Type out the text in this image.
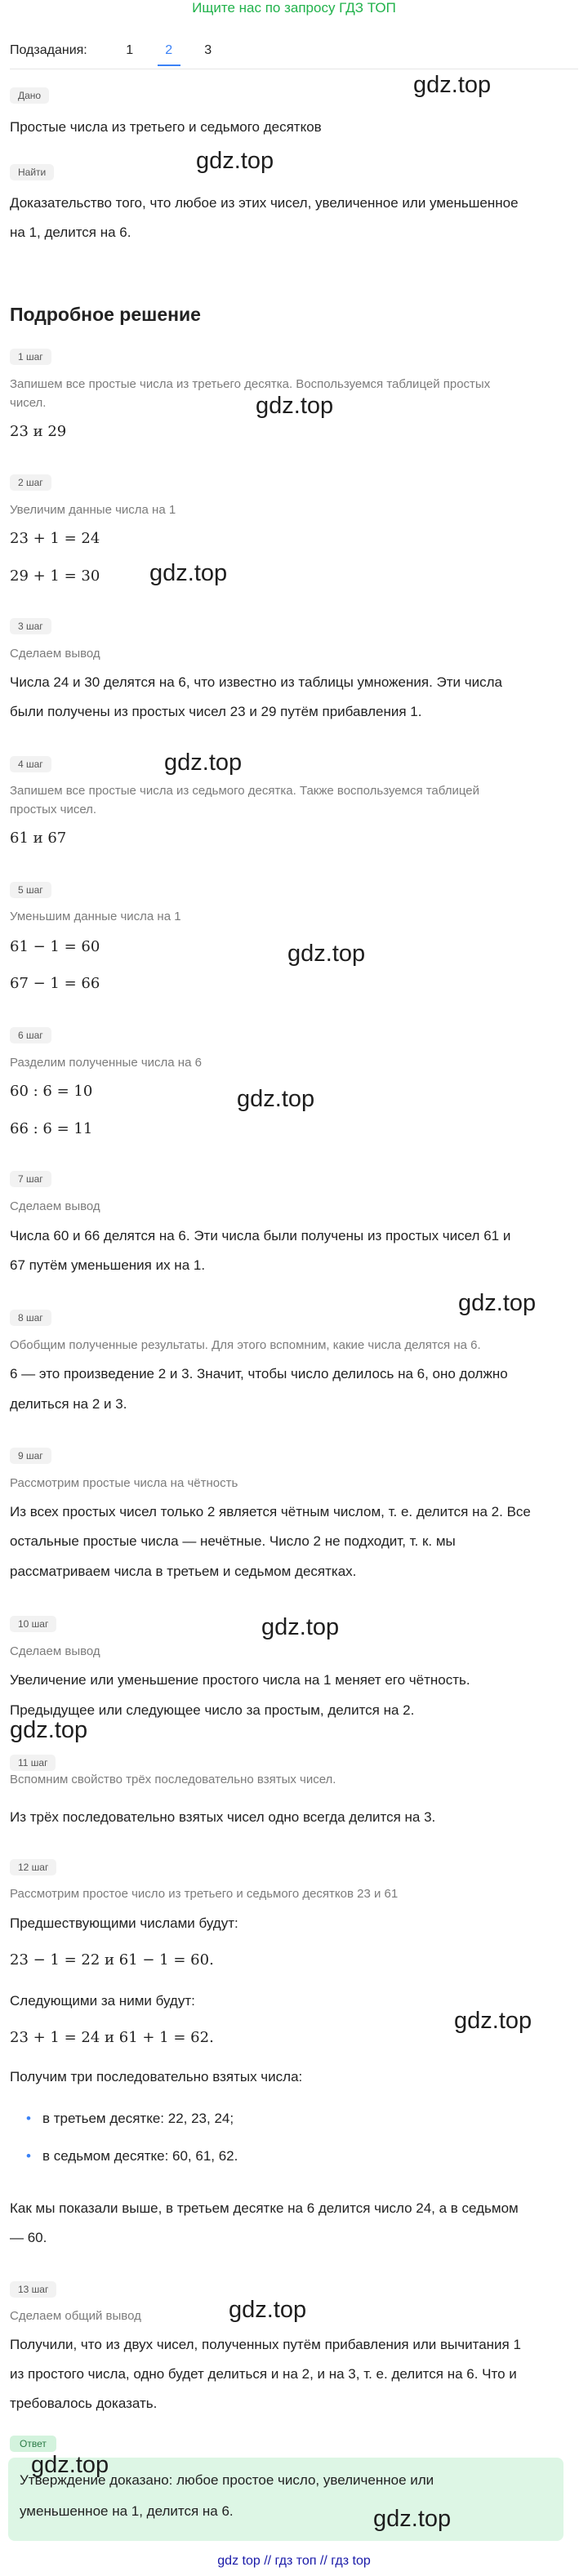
Ищите нас по запросу ГДЗ ТОП
Подзадания:	1	2	3
Дано
Простые числа из третьего и седьмого десятков
Найти
Доказательство того, что любое из этих чисел, увеличенное или уменьшенное
на 1, делится на 6.
Подробное решение
1 шаг
Запишем все простые числа из третьего десятка. Воспользуемся таблицей простых
чисел.
23 и 29
2 шаг
Увеличим данные числа на 1
23 + 1 = 24
29 + 1 = 30
3 шаг
Сделаем вывод
Числа 24 и 30 делятся на 6, что известно из таблицы умножения. Эти числа
были получены из простых чисел 23 и 29 путём прибавления 1.
4 шаг
Запишем все простые числа из седьмого десятка. Также воспользуемся таблицей
простых чисел.
61 и 67
5 шаг
Уменьшим данные числа на 1
61 − 1 = 60
67 − 1 = 66
6 шаг
Разделим полученные числа на 6
60 : 6 = 10
66 : 6 = 11
7 шаг
Сделаем вывод
Числа 60 и 66 делятся на 6. Эти числа были получены из простых чисел 61 и
67 путём уменьшения их на 1.
8 шаг
Обобщим полученные результаты. Для этого вспомним, какие числа делятся на 6.
6 — это произведение 2 и 3. Значит, чтобы число делилось на 6, оно должно
делиться на 2 и 3.
9 шаг
Рассмотрим простые числа на чётность
Из всех простых чисел только 2 является чётным числом, т. е. делится на 2. Все
остальные простые числа — нечётные. Число 2 не подходит, т. к. мы
рассматриваем числа в третьем и седьмом десятках.
10 шаг
Сделаем вывод
Увеличение или уменьшение простого числа на 1 меняет его чётность.
Предыдущее или следующее число за простым, делится на 2.
11 шаг
Вспомним свойство трёх последовательно взятых чисел.
Из трёх последовательно взятых чисел одно всегда делится на 3.
12 шаг
Рассмотрим простое число из третьего и седьмого десятков 23 и 61
Предшествующими числами будут:
23 − 1 = 22 и 61 − 1 = 60.
Следующими за ними будут:
23 + 1 = 24 и 61 + 1 = 62.
Получим три последовательно взятых числа:
• в третьем десятке: 22, 23, 24;
• в седьмом десятке: 60, 61, 62.
Как мы показали выше, в третьем десятке на 6 делится число 24, а в седьмом
— 60.
13 шаг
Сделаем общий вывод
Получили, что из двух чисел, полученных путём прибавления или вычитания 1
из простого числа, одно будет делиться и на 2, и на 3, т. е. делится на 6. Что и
требовалось доказать.
Ответ
Утверждение доказано: любое простое число, увеличенное или
уменьшенное на 1, делится на 6.
gdz.top
gdz.top
gdz.top
gdz.top
gdz.top
gdz.top
gdz.top
gdz.top
gdz.top
gdz.top
gdz.top
gdz.top
gdz.top
gdz.top
gdz top // гдз топ // гдз top
